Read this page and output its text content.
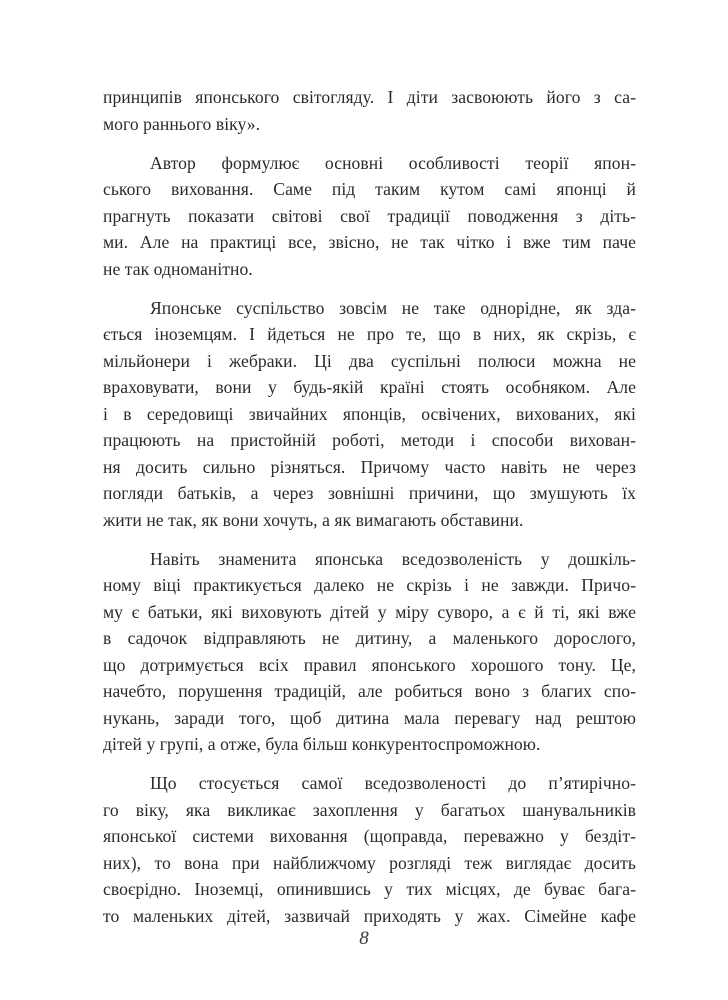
принципів японського світогляду. І діти засвоюють його з са-
мого раннього віку».
Автор формулює основні особливості теорії япон-
ського виховання. Саме під таким кутом самі японці й
прагнуть показати світові свої традиції поводження з діть-
ми. Але на практиці все, звісно, не так чітко і вже тим паче
не так одноманітно.
Японське суспільство зовсім не таке однорідне, як зда-
ється іноземцям. І йдеться не про те, що в них, як скрізь, є
мільйонери і жебраки. Ці два суспільні полюси можна не
враховувати, вони у будь-якій країні стоять особняком. Але
і в середовищі звичайних японців, освічених, вихованих, які
працюють на пристойній роботі, методи і способи вихован-
ня досить сильно різняться. Причому часто навіть не через
погляди батьків, а через зовнішні причини, що змушують їх
жити не так, як вони хочуть, а як вимагають обставини.
Навіть знаменита японська вседозволеність у дошкіль-
ному віці практикується далеко не скрізь і не завжди. Причо-
му є батьки, які виховують дітей у міру суворо, а є й ті, які вже
в садочок відправляють не дитину, а маленького дорослого,
що дотримується всіх правил японського хорошого тону. Це,
начебто, порушення традицій, але робиться воно з благих спо-
нукань, заради того, щоб дитина мала перевагу над рештою
дітей у групі, а отже, була більш конкурентоспроможною.
Що стосується самої вседозволеності до п’ятирічно-
го віку, яка викликає захоплення у багатьох шанувальників
японської системи виховання (щоправда, переважно у бездіт-
них), то вона при найближчому розгляді теж виглядає досить
своєрідно. Іноземці, опинившись у тих місцях, де буває бага-
то маленьких дітей, зазвичай приходять у жах. Сімейне кафе
8
